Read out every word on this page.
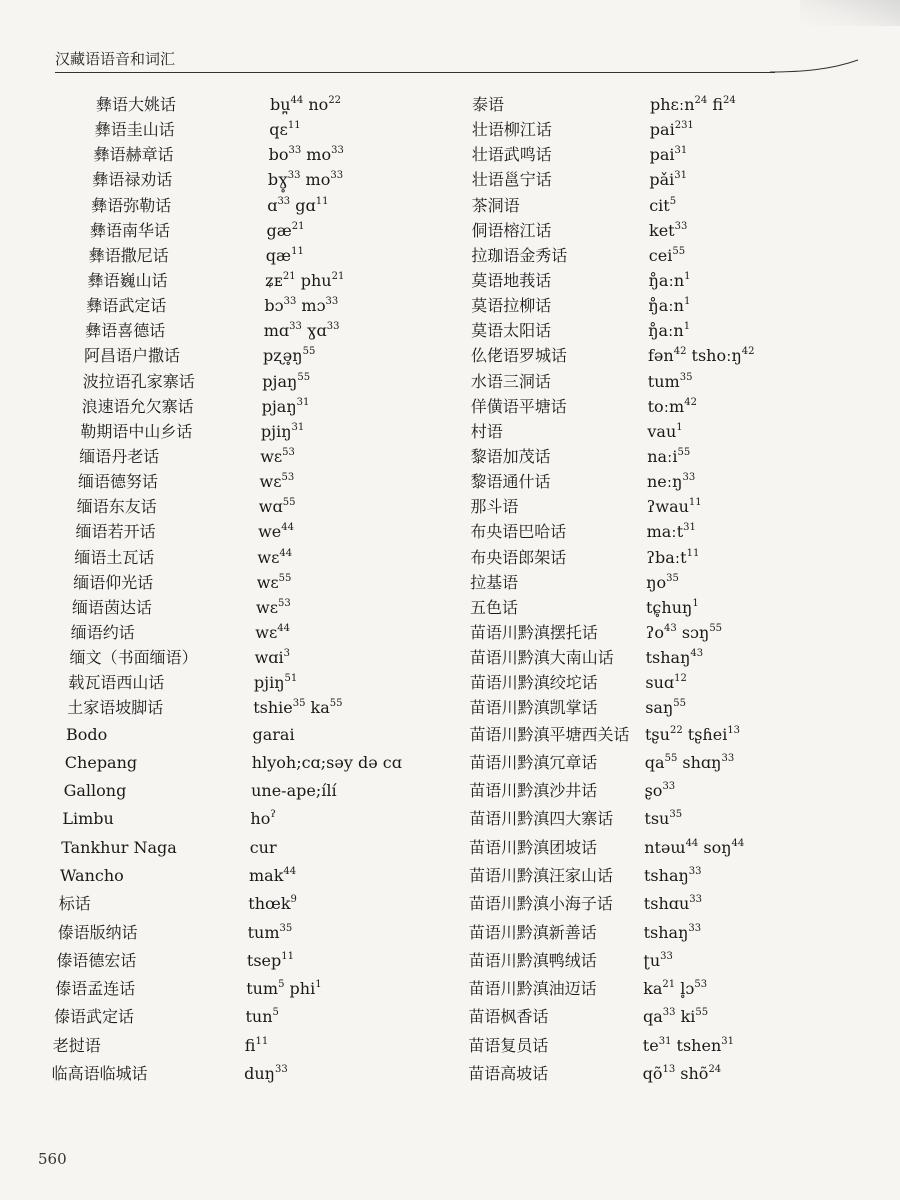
汉藏语语音和词汇
彝语大姚话	bu̪$^{44}$ $no^{22}$
彝语圭山话	qɛ$^{11}$
彝语赫章话	$bo^{33}$ $mo^{33}$
彝语禄劝话	bɣ̥$^{33}$ $mo^{33}$
彝语弥勒话	ɑ$^{33}$ gɑ$^{11}$
彝语南华话	$gæ^{21}$
彝语撒尼话	$qæ^{11}$
彝语巍山话	ʑᴇ$^{21}$ phu$^{21}$
彝语武定话	bɔ$^{33}$ mɔ$^{33}$
彝语喜德话	mɑ$^{33}$ ɣɑ$^{33}$
阿昌语户撒话	$pʐə̥ŋ^{55}$
波拉语孔家寨话	pjaŋ$^{55}$
浪速语允欠寨话	pjaŋ$^{31}$
勒期语中山乡话	pjiŋ$^{31}$
缅语丹老话	wɛ$^{53}$
缅语德努话	wɛ$^{53}$
缅语东友话	wɑ$^{55}$
缅语若开话	$we^{44}$
缅语土瓦话	wɛ$^{44}$
缅语仰光话	wɛ$^{55}$
缅语茵达话	wɛ$^{53}$
缅语约话	wɛ$^{44}$
缅文（书面缅语）	wɑi$^3$
载瓦语西山话	pjiŋ$^{51}$
土家语坡脚话	tshie$^{35}$ $ka^{55}$
Bodo	garai
Chepang	hlyoh;cɑ;səy də cɑ
Gallong	une-ape;ílí
Limbu	$ho^ʔ$
Tankhur Naga	cur
Wancho	mak$^{44}$
标话	thœk$^9$
傣语版纳话	tum$^{35}$
傣语德宏话	tsep$^{11}$
傣语孟连话	tum$^5$ phi$^1$
傣语武定话	tun$^5$
老挝语	$fi^{11}$
临高语临城话	duŋ$^{33}$
泰语	phɛːn$^{24}$ $fi^{24}$
壮语柳江话	pai$^{231}$
壮语武鸣话	pai$^{31}$
壮语邕宁话	pǎi$^{31}$
茶洞语	cit$^5$
侗语榕江话	ket$^{33}$
拉珈语金秀话	cei$^{55}$
莫语地莪话	ŋ̊aːn$^1$
莫语拉柳话	ŋ̊aːn$^1$
莫语太阳话	ŋ̊aːn$^1$
仫佬语罗城话	fən$^{42}$ tshoːŋ$^{42}$
水语三洞话	tum$^{35}$
佯僙语平塘话	toːm$^{42}$
村语	vau$^1$
黎语加茂话	naːi$^{55}$
黎语通什话	neːŋ$^{33}$
那斗语	ʔwau$^{11}$
布央语巴哈话	maːt$^{31}$
布央语郎架话	ʔbaːt$^{11}$
拉基语	$ŋo^{35}$
五色话	tɕ̥huŋ$^1$
苗语川黔滇摆托话	ʔo$^{43}$ sɔŋ$^{55}$
苗语川黔滇大南山话 tshaŋ$^{43}$
苗语川黔滇绞坨话	suɑ$^{12}$
苗语川黔滇凯掌话	saŋ$^{55}$
苗语川黔滇平塘西关话 tʂu$^{22}$ tʂɦei$^{13}$
苗语川黔滇冗章话	$qa^{55}$ shɑŋ$^{33}$
苗语川黔滇沙井话	ʂo$^{33}$
苗语川黔滇四大寨话 tsu$^{35}$
苗语川黔滇团坡话	ntəɯ$^{44}$ soŋ$^{44}$
苗语川黔滇汪家山话 tshaŋ$^{33}$
苗语川黔滇小海子话 tshɑu$^{33}$
苗语川黔滇新善话	tshaŋ$^{33}$
苗语川黔滇鸭绒话	ʈu$^{33}$
苗语川黔滇油迈话	$ka^{21}$ l̥ɔ$^{53}$
苗语枫香话	$qa^{33}$ $ki^{55}$
苗语复员话	$te^{31}$ tshen$^{31}$
苗语高坡话	$qõ^{13}$ shõ$^{24}$
560
